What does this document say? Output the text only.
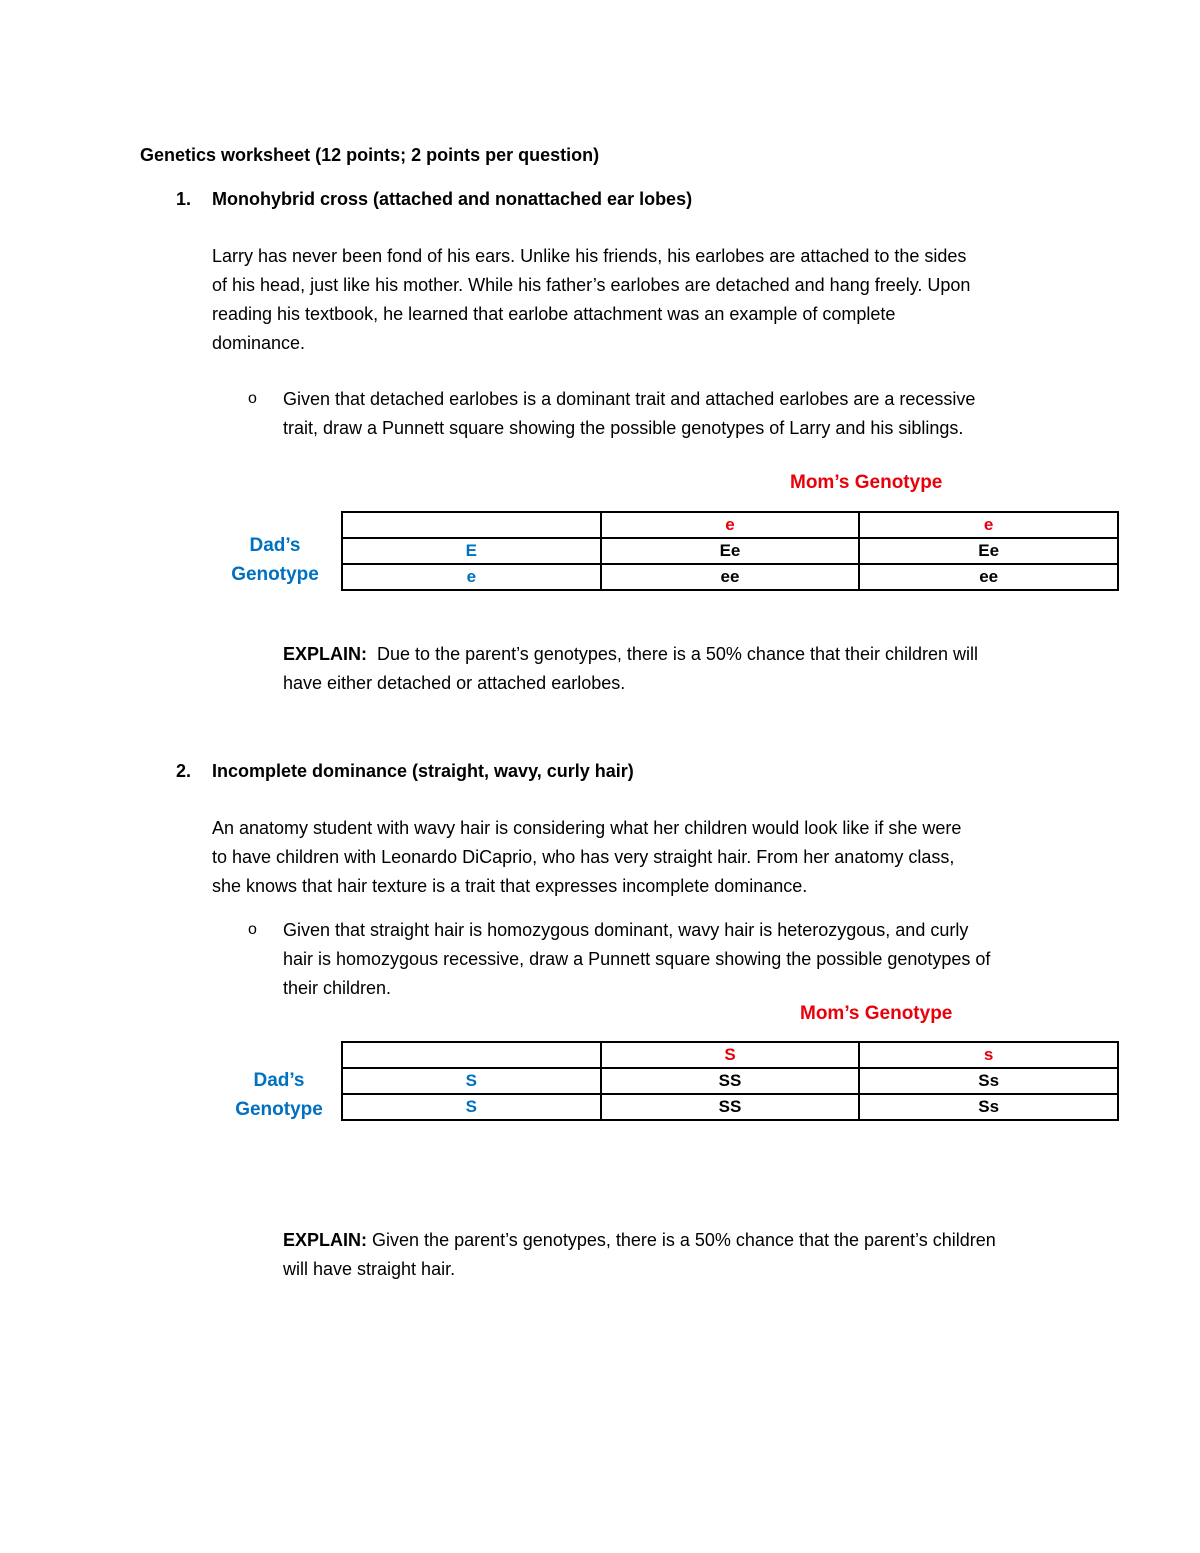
Genetics worksheet (12 points; 2 points per question)
1. Monohybrid cross (attached and nonattached ear lobes)
Larry has never been fond of his ears. Unlike his friends, his earlobes are attached to the sides
of his head, just like his mother. While his father’s earlobes are detached and hang freely. Upon
reading his textbook, he learned that earlobe attachment was an example of complete
dominance.
o Given that detached earlobes is a dominant trait and attached earlobes are a recessive
trait, draw a Punnett square showing the possible genotypes of Larry and his siblings.
Mom’s Genotype
Dad’s
Genotype
	e	e
E	Ee	Ee
e	ee	ee
EXPLAIN: Due to the parent’s genotypes, there is a 50% chance that their children will
have either detached or attached earlobes.
2. Incomplete dominance (straight, wavy, curly hair)
An anatomy student with wavy hair is considering what her children would look like if she were
to have children with Leonardo DiCaprio, who has very straight hair. From her anatomy class,
she knows that hair texture is a trait that expresses incomplete dominance.
o Given that straight hair is homozygous dominant, wavy hair is heterozygous, and curly
hair is homozygous recessive, draw a Punnett square showing the possible genotypes of
their children.
Mom’s Genotype
Dad’s
Genotype
	S	s
S	SS	Ss
S	SS	Ss
EXPLAIN: Given the parent’s genotypes, there is a 50% chance that the parent’s children
will have straight hair.
